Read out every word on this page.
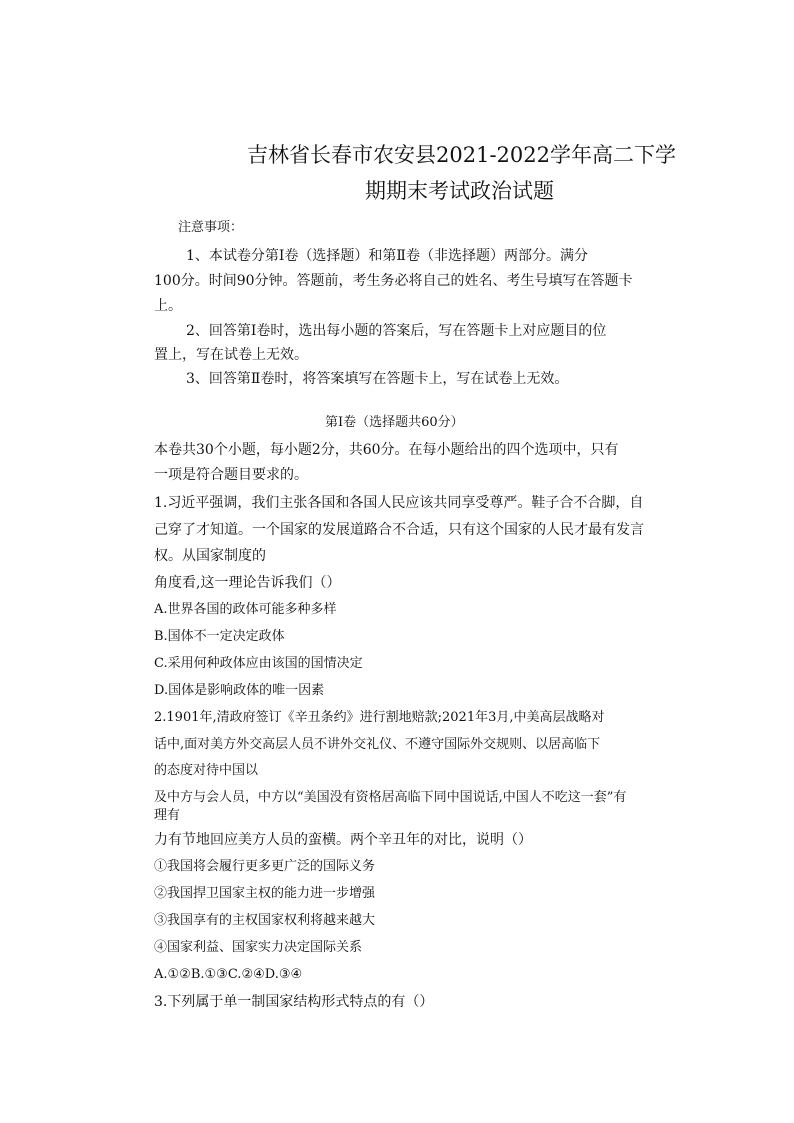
吉林省长春市农安县2021-2022学年高二下学
期期末考试政治试题
注意事项：
1、本试卷分第Ⅰ卷（选择题）和第Ⅱ卷（非选择题）两部分。满分
100分。时间90分钟。答题前，考生务必将自己的姓名、考生号填写在答题卡
上。
2、回答第Ⅰ卷时，选出每小题的答案后，写在答题卡上对应题目的位
置上，写在试卷上无效。
3、回答第Ⅱ卷时，将答案填写在答题卡上，写在试卷上无效。
第Ⅰ卷（选择题共60分）
本卷共30个小题，每小题2分，共60分。在每小题给出的四个选项中，只有
一项是符合题目要求的。
1.习近平强调，我们主张各国和各国人民应该共同享受尊严。鞋子合不合脚，自
己穿了才知道。一个国家的发展道路合不合适，只有这个国家的人民才最有发言
权。从国家制度的
角度看,这一理论告诉我们（）
A.世界各国的政体可能多种多样
B.国体不一定决定政体
C.采用何种政体应由该国的国情决定
D.国体是影响政体的唯一因素
2.1901年,清政府签订《辛丑条约》进行割地赔款;2021年3月,中美高层战略对
话中,面对美方外交高层人员不讲外交礼仪、不遵守国际外交规则、以居高临下
的态度对待中国以
及中方与会人员，中方以“美国没有资格居高临下同中国说话,中国人不吃这一套”有
理有
力有节地回应美方人员的蛮横。两个辛丑年的对比，说明（）
①我国将会履行更多更广泛的国际义务
②我国捍卫国家主权的能力进一步增强
③我国享有的主权国家权利将越来越大
④国家利益、国家实力决定国际关系
A.①②B.①③C.②④D.③④
3.下列属于单一制国家结构形式特点的有（）
